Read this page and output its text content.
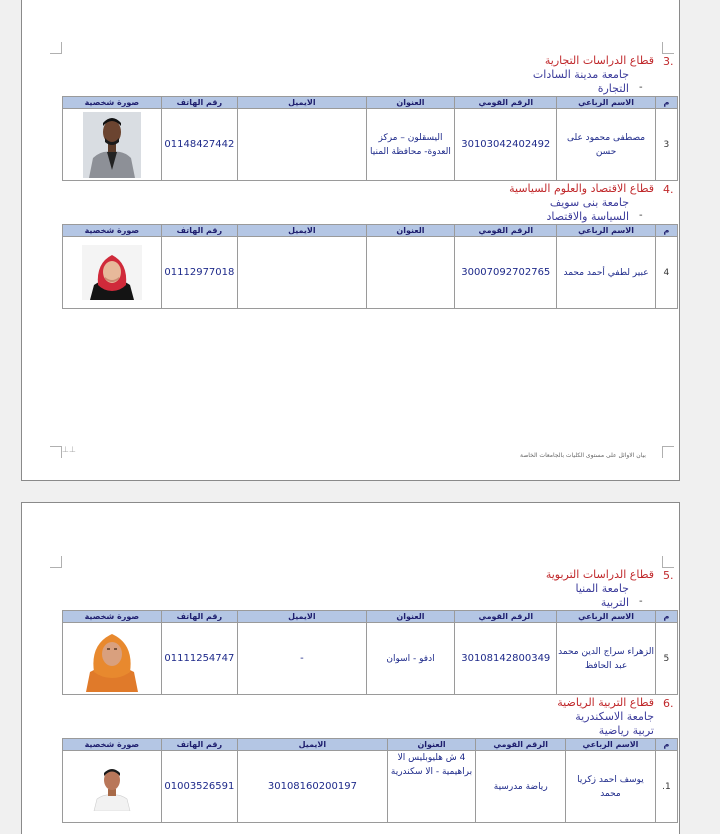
3.
قطاع الدراسات التجارية
جامعة مدينة السادات
-
التجارة
م	الاسم الرباعي	الرقم القومي	العنوان	الايميل	رقم الهاتف	صورة شخصية
3	مصطفى محمود على حسن	30103042402492	اليسقلون – مركز العدوة- محافظة المنيا		01148427442	
4.
قطاع الاقتصاد والعلوم السياسية
جامعة بنى سويف
-
السياسة والاقتصاد
م	الاسم الرباعي	الرقم القومي	العنوان	الايميل	رقم الهاتف	صورة شخصية
4	عبير لطفي أحمد محمد	30007092702765			01112977018	
⊥⊥
بيان الاوائل على مستوى الكليات بالجامعات الخاصة
5.
قطاع الدراسات التربوية
جامعة المنيا
-
التربية
م	الاسم الرباعي	الرقم القومي	العنوان	الايميل	رقم الهاتف	صورة شخصية
5	الزهراء سراج الدين محمد عبد الحافظ	30108142800349	ادفو - اسوان	-	01111254747	
6.
قطاع التربية الرياضية
جامعة الاسكندرية
تربية رياضية
م	الاسم الرباعي	الرقم القومي	العنوان	الايميل	رقم الهاتف	صورة شخصية
1.	يوسف احمد زكريا محمد	رياضة مدرسية	4 ش هليوبليس الا براهيمية - الا سكندرية	30108160200197	01003526591	
